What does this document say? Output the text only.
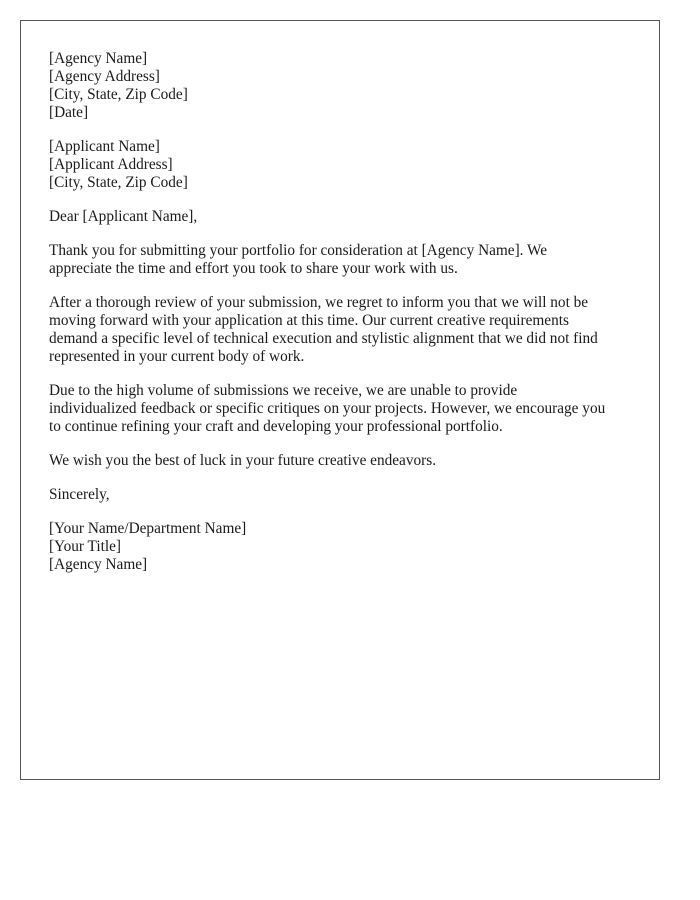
[Agency Name]
[Agency Address]
[City, State, Zip Code]
[Date]
[Applicant Name]
[Applicant Address]
[City, State, Zip Code]

Dear [Applicant Name],

Thank you for submitting your portfolio for consideration at [Agency Name]. We
appreciate the time and effort you took to share your work with us.

After a thorough review of your submission, we regret to inform you that we will not be
moving forward with your application at this time. Our current creative requirements
demand a specific level of technical execution and stylistic alignment that we did not find
represented in your current body of work.

Due to the high volume of submissions we receive, we are unable to provide
individualized feedback or specific critiques on your projects. However, we encourage you
to continue refining your craft and developing your professional portfolio.

We wish you the best of luck in your future creative endeavors.

Sincerely,

[Your Name/Department Name]
[Your Title]
[Agency Name]
